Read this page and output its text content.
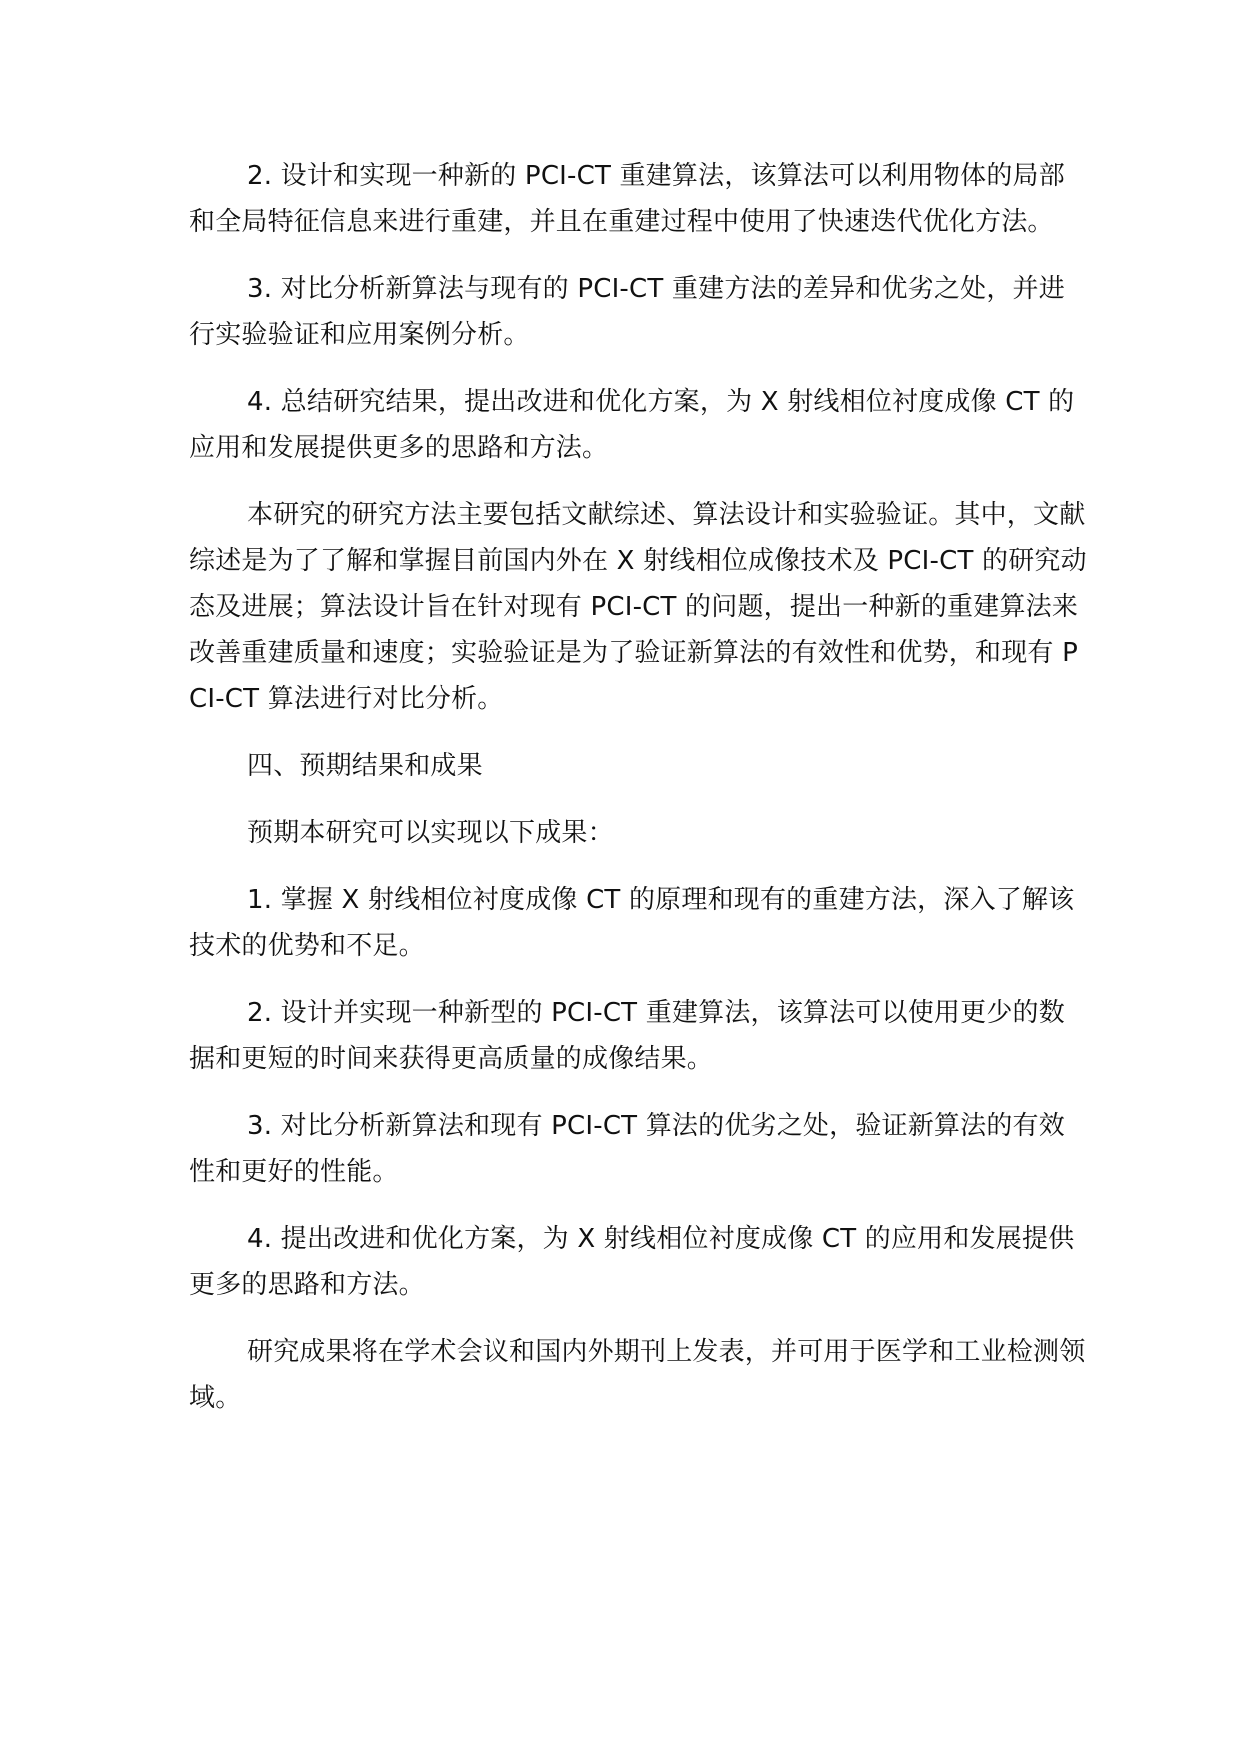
2. 设计和实现一种新的 PCI-CT 重建算法，该算法可以利用物体的局部和全局特征信息来进行重建，并且在重建过程中使用了快速迭代优化方法。

3. 对比分析新算法与现有的 PCI-CT 重建方法的差异和优劣之处，并进行实验验证和应用案例分析。

4. 总结研究结果，提出改进和优化方案，为 X 射线相位衬度成像 CT 的应用和发展提供更多的思路和方法。

本研究的研究方法主要包括文献综述、算法设计和实验验证。其中，文献综述是为了了解和掌握目前国内外在 X 射线相位成像技术及 PCI-CT 的研究动态及进展；算法设计旨在针对现有 PCI-CT 的问题，提出一种新的重建算法来改善重建质量和速度；实验验证是为了验证新算法的有效性和优势，和现有 PCI-CT 算法进行对比分析。

四、预期结果和成果

预期本研究可以实现以下成果：

1. 掌握 X 射线相位衬度成像 CT 的原理和现有的重建方法，深入了解该技术的优势和不足。

2. 设计并实现一种新型的 PCI-CT 重建算法，该算法可以使用更少的数据和更短的时间来获得更高质量的成像结果。

3. 对比分析新算法和现有 PCI-CT 算法的优劣之处，验证新算法的有效性和更好的性能。

4. 提出改进和优化方案，为 X 射线相位衬度成像 CT 的应用和发展提供更多的思路和方法。

研究成果将在学术会议和国内外期刊上发表，并可用于医学和工业检测领域。
